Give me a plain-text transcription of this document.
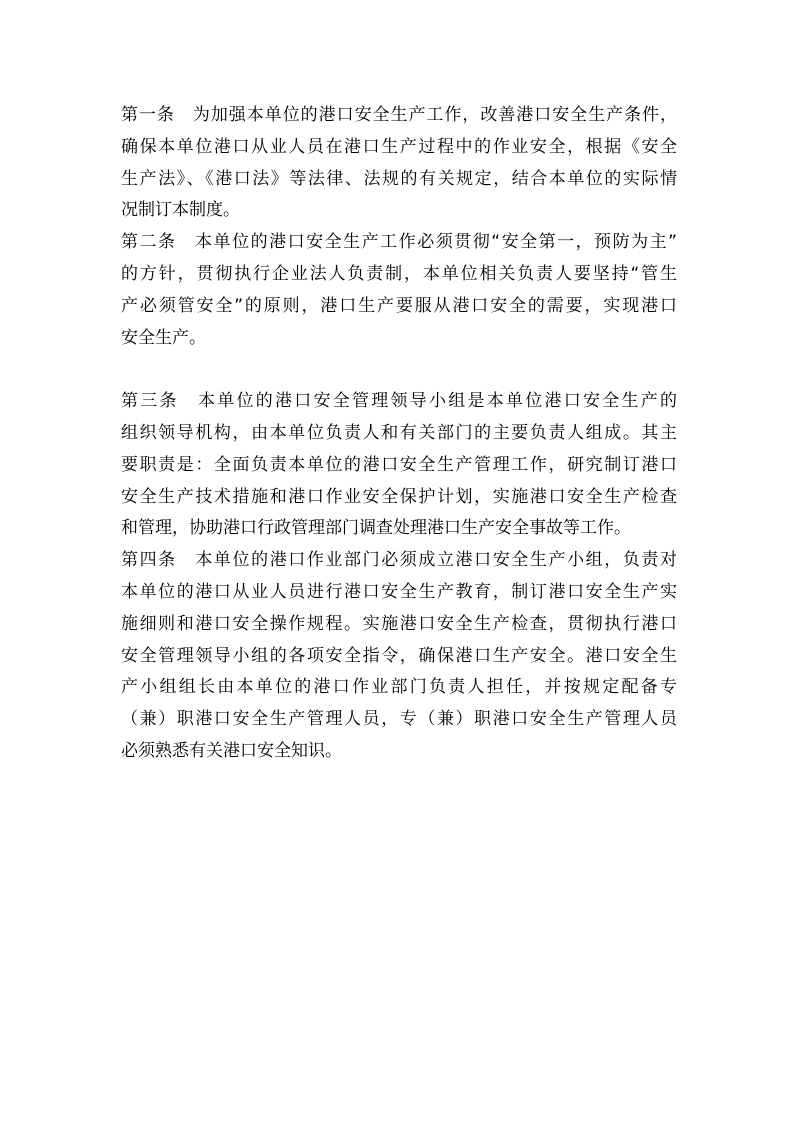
第一条　为加强本单位的港口安全生产工作，改善港口安全生产条件，
确保本单位港口从业人员在港口生产过程中的作业安全，根据《安全
生产法》、《港口法》等法律、法规的有关规定，结合本单位的实际情
况制订本制度。
第二条　本单位的港口安全生产工作必须贯彻“安全第一，预防为主”
的方针，贯彻执行企业法人负责制，本单位相关负责人要坚持“管生
产必须管安全”的原则，港口生产要服从港口安全的需要，实现港口
安全生产。
第三条　本单位的港口安全管理领导小组是本单位港口安全生产的
组织领导机构，由本单位负责人和有关部门的主要负责人组成。其主
要职责是：全面负责本单位的港口安全生产管理工作，研究制订港口
安全生产技术措施和港口作业安全保护计划，实施港口安全生产检查
和管理，协助港口行政管理部门调查处理港口生产安全事故等工作。
第四条　本单位的港口作业部门必须成立港口安全生产小组，负责对
本单位的港口从业人员进行港口安全生产教育，制订港口安全生产实
施细则和港口安全操作规程。实施港口安全生产检查，贯彻执行港口
安全管理领导小组的各项安全指令，确保港口生产安全。港口安全生
产小组组长由本单位的港口作业部门负责人担任，并按规定配备专
（兼）职港口安全生产管理人员，专（兼）职港口安全生产管理人员
必须熟悉有关港口安全知识。
